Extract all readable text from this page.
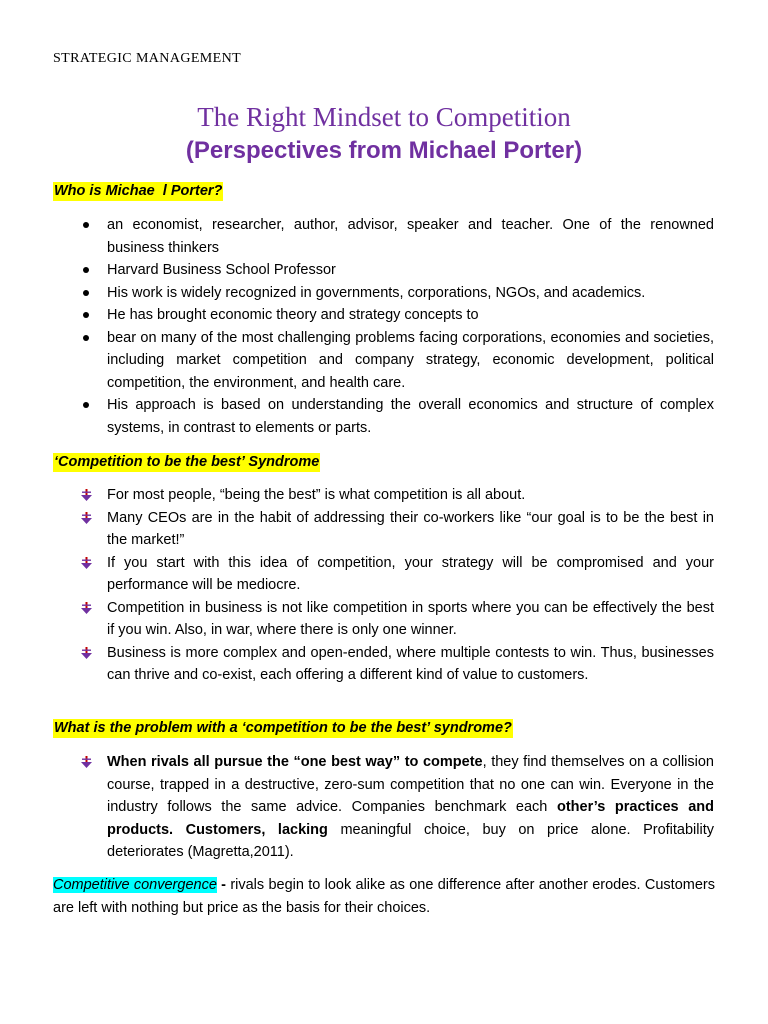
STRATEGIC MANAGEMENT
The Right Mindset to Competition
(Perspectives from Michael Porter)
Who is Michae  l Porter?
an economist, researcher, author, advisor, speaker and teacher. One of the renowned business thinkers
Harvard Business School Professor
His work is widely recognized in governments, corporations, NGOs, and academics.
He has brought economic theory and strategy concepts to
bear on many of the most challenging problems facing corporations, economies and societies, including market competition and company strategy, economic development, political competition, the environment, and health care.
His approach is based on understanding the overall economics and structure of complex systems, in contrast to elements or parts.
‘Competition to be the best’ Syndrome
For most people, “being the best” is what competition is all about.
Many CEOs are in the habit of addressing their co-workers like “our goal is to be the best in the market!”
If you start with this idea of competition, your strategy will be compromised and your performance will be mediocre.
Competition in business is not like competition in sports where you can be effectively the best if you win. Also, in war, where there is only one winner.
Business is more complex and open-ended, where multiple contests to win. Thus, businesses can thrive and co-exist, each offering a different kind of value to customers.
What is the problem with a ‘competition to be the best’ syndrome?
When rivals all pursue the “one best way” to compete, they find themselves on a collision course, trapped in a destructive, zero-sum competition that no one can win. Everyone in the industry follows the same advice. Companies benchmark each other’s practices and products. Customers, lacking meaningful choice, buy on price alone. Profitability deteriorates (Magretta,2011).
Competitive convergence - rivals begin to look alike as one difference after another erodes. Customers are left with nothing but price as the basis for their choices.
